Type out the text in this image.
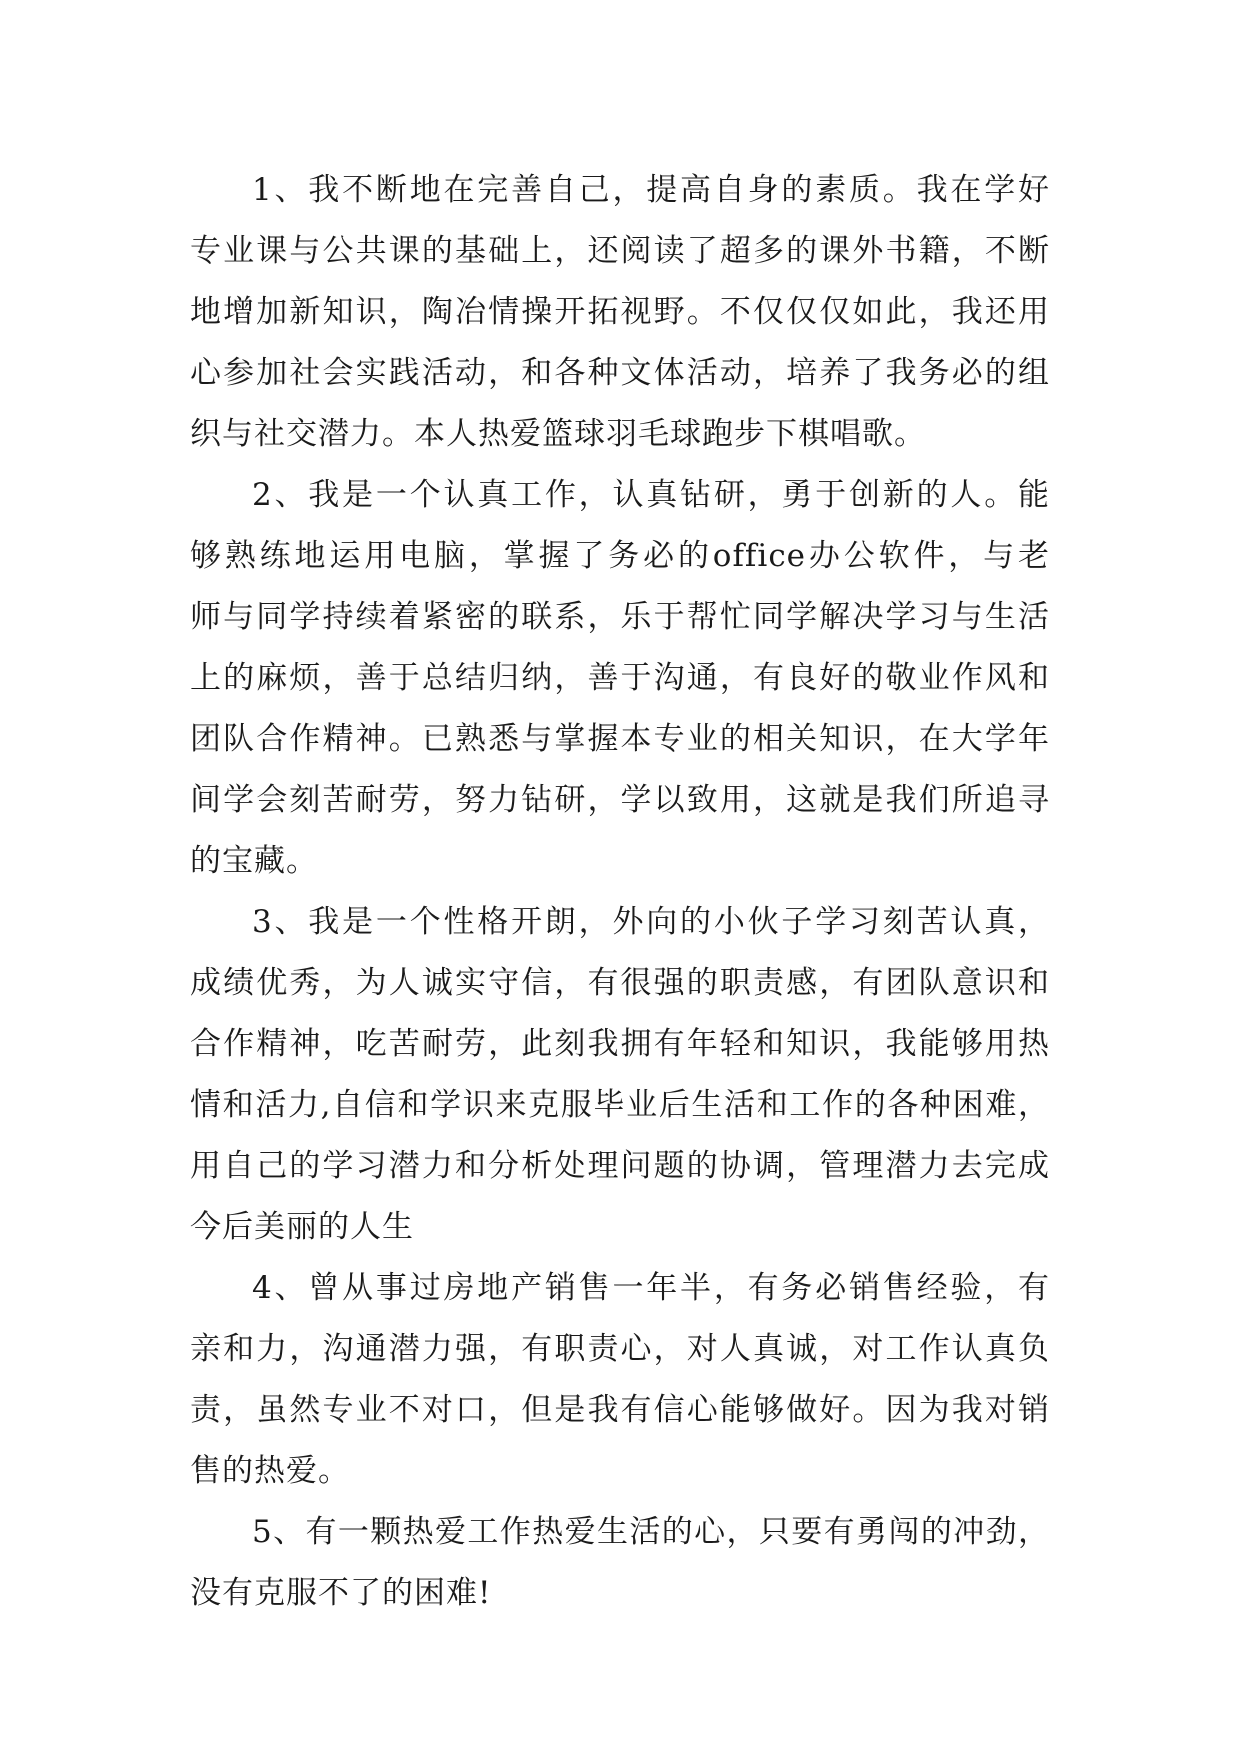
1、我不断地在完善自己，提高自身的素质。我在学好
专业课与公共课的基础上，还阅读了超多的课外书籍，不断
地增加新知识，陶冶情操开拓视野。不仅仅仅如此，我还用
心参加社会实践活动，和各种文体活动，培养了我务必的组
织与社交潜力。本人热爱篮球羽毛球跑步下棋唱歌。
2、我是一个认真工作，认真钻研，勇于创新的人。能
够熟练地运用电脑，掌握了务必的office办公软件，与老
师与同学持续着紧密的联系，乐于帮忙同学解决学习与生活
上的麻烦，善于总结归纳，善于沟通，有良好的敬业作风和
团队合作精神。已熟悉与掌握本专业的相关知识，在大学年
间学会刻苦耐劳，努力钻研，学以致用，这就是我们所追寻
的宝藏。
3、我是一个性格开朗，外向的小伙子学习刻苦认真，
成绩优秀，为人诚实守信，有很强的职责感，有团队意识和
合作精神，吃苦耐劳，此刻我拥有年轻和知识，我能够用热
情和活力,自信和学识来克服毕业后生活和工作的各种困难，
用自己的学习潜力和分析处理问题的协调，管理潜力去完成
今后美丽的人生
4、曾从事过房地产销售一年半，有务必销售经验，有
亲和力，沟通潜力强，有职责心，对人真诚，对工作认真负
责，虽然专业不对口，但是我有信心能够做好。因为我对销
售的热爱。
5、有一颗热爱工作热爱生活的心，只要有勇闯的冲劲，
没有克服不了的困难!
